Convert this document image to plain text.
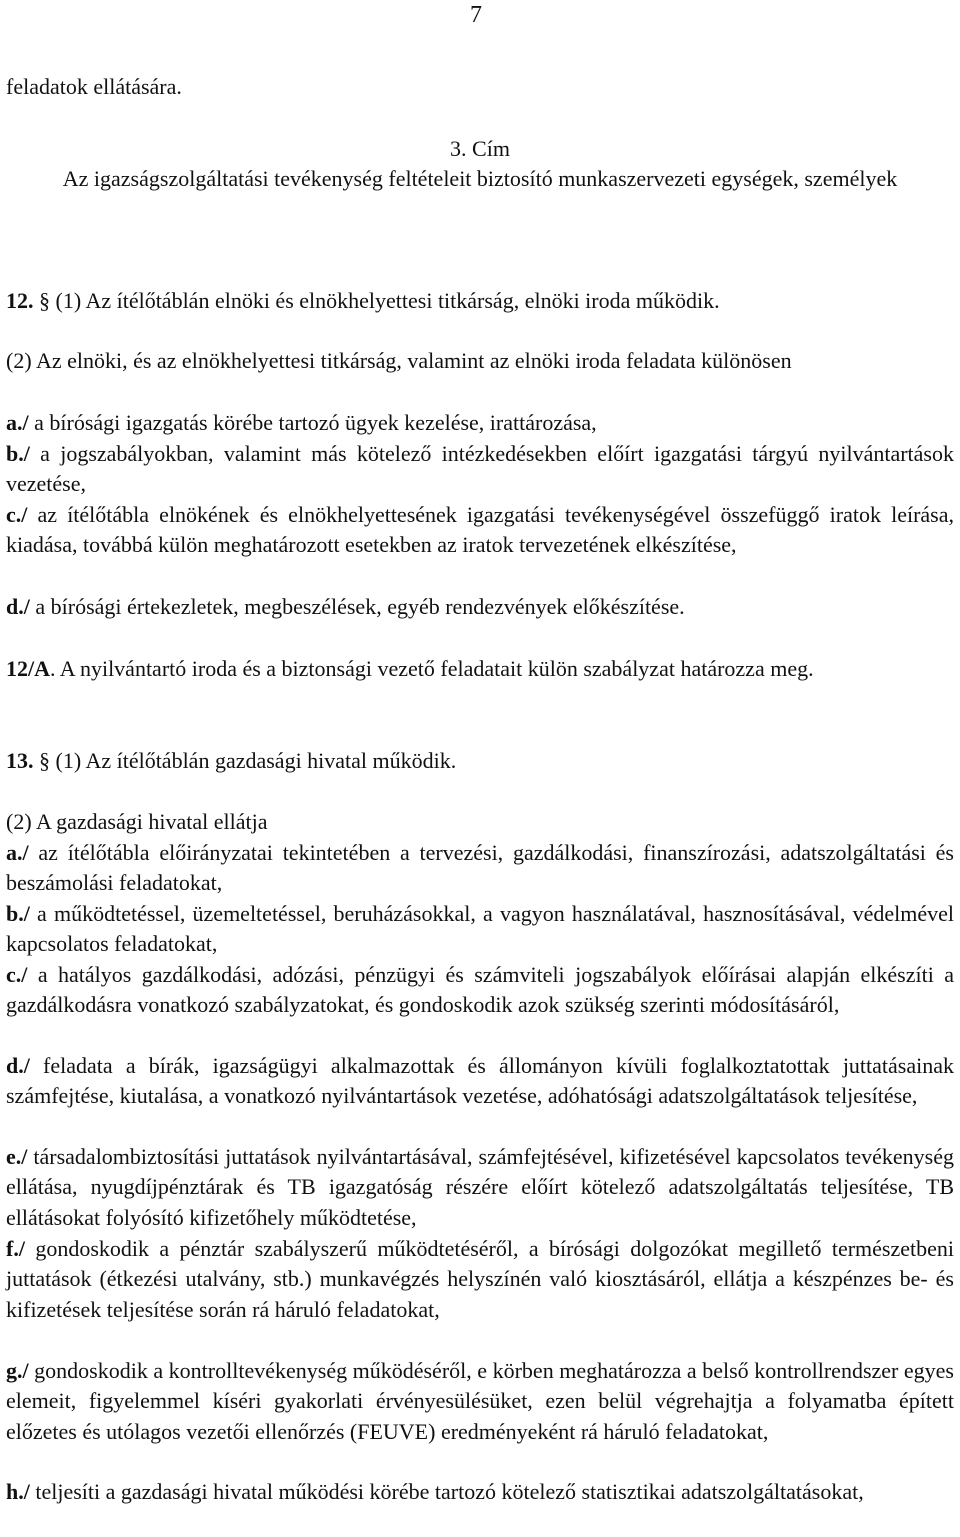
7

feladatok ellátására.

3. Cím

Az igazságszolgáltatási tevékenység feltételeit biztosító munkaszervezeti egységek, személyek

12. § (1) Az ítélőtáblán elnöki és elnökhelyettesi titkárság, elnöki iroda működik.

(2) Az elnöki, és az elnökhelyettesi titkárság, valamint az elnöki iroda feladata különösen

a./ a bírósági igazgatás körébe tartozó ügyek kezelése, irattározása,

b./ a jogszabályokban, valamint más kötelező intézkedésekben előírt igazgatási tárgyú nyilvántartások vezetése,

c./ az ítélőtábla elnökének és elnökhelyettesének igazgatási tevékenységével összefüggő iratok leírása, kiadása, továbbá külön meghatározott esetekben az iratok tervezetének elkészítése,

d./ a bírósági értekezletek, megbeszélések, egyéb rendezvények előkészítése.

12/A. A nyilvántartó iroda és a biztonsági vezető feladatait külön szabályzat határozza meg.

13. § (1) Az ítélőtáblán gazdasági hivatal működik.

(2) A gazdasági hivatal ellátja

a./ az ítélőtábla előirányzatai tekintetében a tervezési, gazdálkodási, finanszírozási, adatszolgáltatási és beszámolási feladatokat,

b./ a működtetéssel, üzemeltetéssel, beruházásokkal, a vagyon használatával, hasznosításával, védelmével kapcsolatos feladatokat,

c./ a hatályos gazdálkodási, adózási, pénzügyi és számviteli jogszabályok előírásai alapján elkészíti a gazdálkodásra vonatkozó szabályzatokat, és gondoskodik azok szükség szerinti módosításáról,

d./ feladata a bírák, igazságügyi alkalmazottak és állományon kívüli foglalkoztatottak juttatásainak számfejtése, kiutalása, a vonatkozó nyilvántartások vezetése, adóhatósági adatszolgáltatások teljesítése,

e./ társadalombiztosítási juttatások nyilvántartásával, számfejtésével, kifizetésével kapcsolatos tevékenység ellátása, nyugdíjpénztárak és TB igazgatóság részére előírt kötelező adatszolgáltatás teljesítése, TB ellátásokat folyósító kifizetőhely működtetése,

f./ gondoskodik a pénztár szabályszerű működtetéséről, a bírósági dolgozókat megillető természetbeni juttatások (étkezési utalvány, stb.) munkavégzés helyszínén való kiosztásáról, ellátja a készpénzes be- és kifizetések teljesítése során rá háruló feladatokat,

g./ gondoskodik a kontrolltevékenység működéséről, e körben meghatározza a belső kontrollrendszer egyes elemeit, figyelemmel kíséri gyakorlati érvényesülésüket, ezen belül végrehajtja a folyamatba épített előzetes és utólagos vezetői ellenőrzés (FEUVE) eredményeként rá háruló feladatokat,

h./ teljesíti a gazdasági hivatal működési körébe tartozó kötelező statisztikai adatszolgáltatásokat,
